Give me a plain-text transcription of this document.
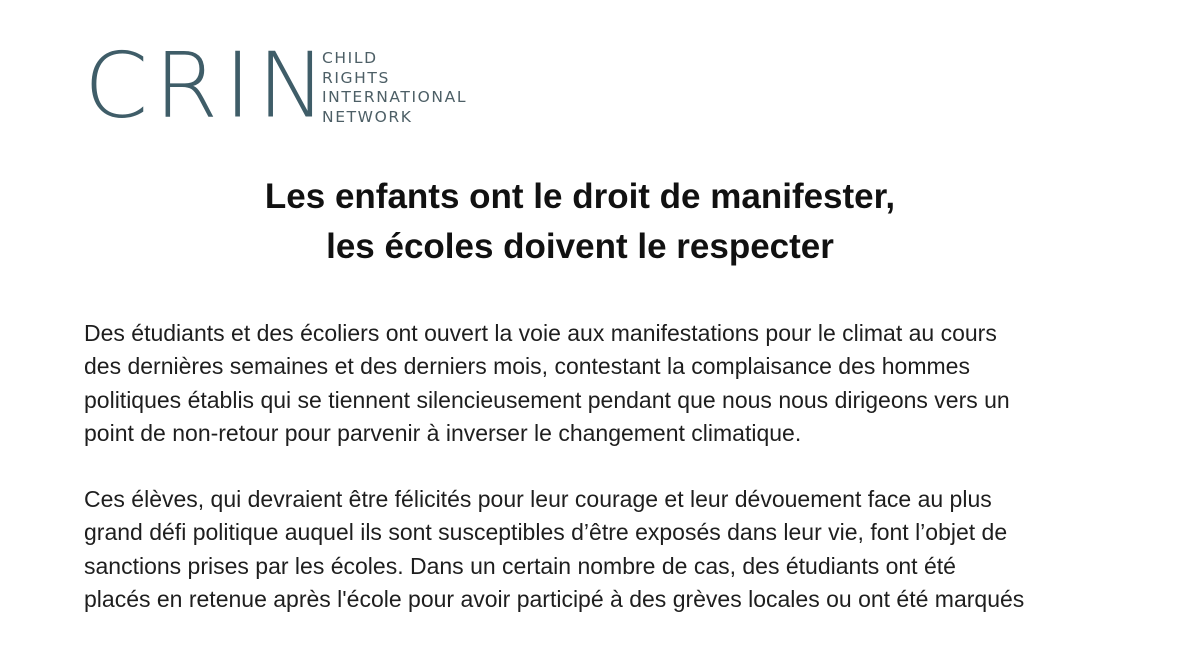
CRIN
CHILD
RIGHTS
INTERNATIONAL
NETWORK
Les enfants ont le droit de manifester,
les écoles doivent le respecter
Des étudiants et des écoliers ont ouvert la voie aux manifestations pour le climat au cours
des dernières semaines et des derniers mois, contestant la complaisance des hommes
politiques établis qui se tiennent silencieusement pendant que nous nous dirigeons vers un
point de non-retour pour parvenir à inverser le changement climatique.
Ces élèves, qui devraient être félicités pour leur courage et leur dévouement face au plus
grand défi politique auquel ils sont susceptibles d’être exposés dans leur vie, font l’objet de
sanctions prises par les écoles. Dans un certain nombre de cas, des étudiants ont été
placés en retenue après l'école pour avoir participé à des grèves locales ou ont été marqués
